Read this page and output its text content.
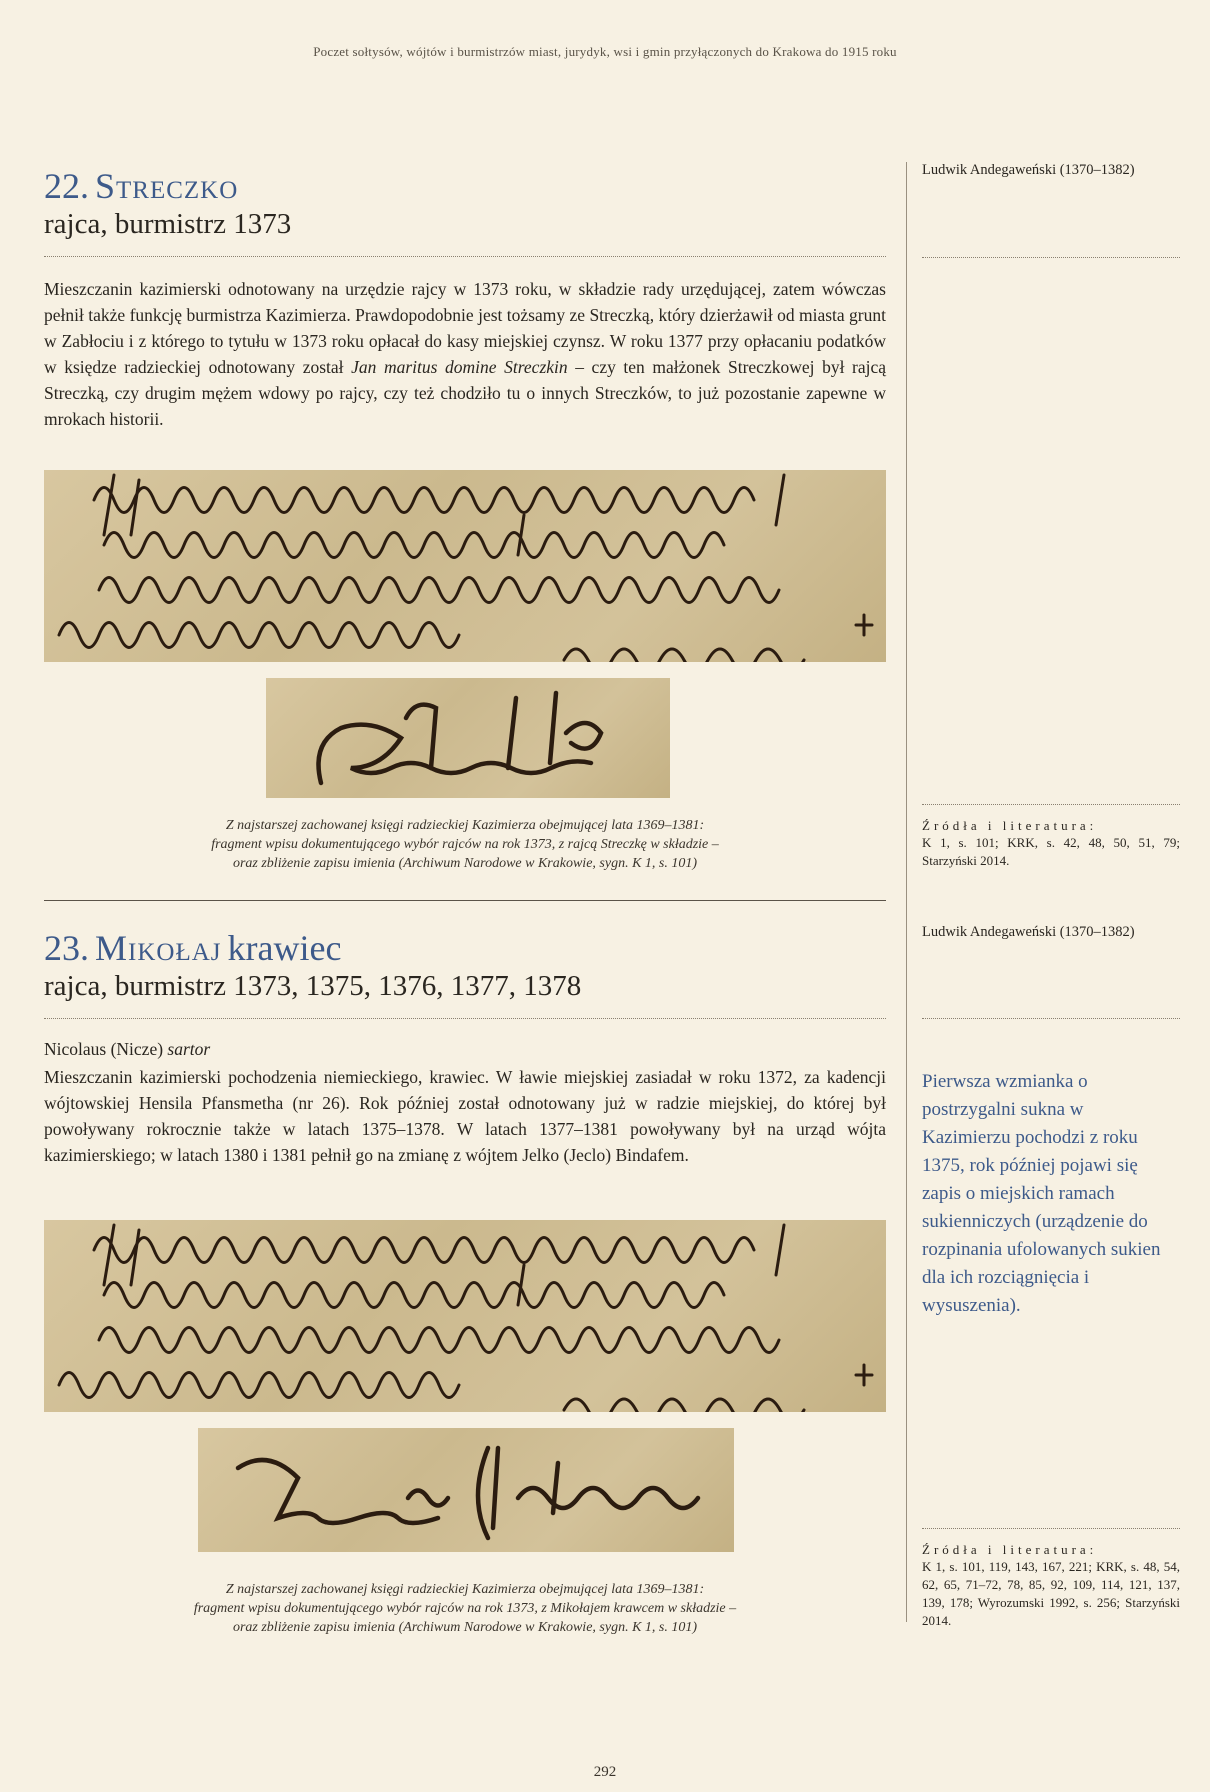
Poczet sołtysów, wójtów i burmistrzów miast, jurydyk, wsi i gmin przyłączonych do Krakowa do 1915 roku
22. Streczko
rajca, burmistrz 1373
Mieszczanin kazimierski odnotowany na urzędzie rajcy w 1373 roku, w składzie rady urzędującej, zatem wówczas pełnił także funkcję burmistrza Kazimierza. Prawdopodobnie jest tożsamy ze Streczką, który dzierżawił od miasta grunt w Zabłociu i z którego to tytułu w 1373 roku opłacał do kasy miejskiej czynsz. W roku 1377 przy opłacaniu podatków w księdze radzieckiej odnotowany został Jan maritus domine Streczkin – czy ten małżonek Streczkowej był rajcą Streczką, czy drugim mężem wdowy po rajcy, czy też chodziło tu o innych Streczków, to już pozostanie zapewne w mrokach historii.
Z najstarszej zachowanej księgi radzieckiej Kazimierza obejmującej lata 1369–1381:
fragment wpisu dokumentującego wybór rajców na rok 1373, z rajcą Streczkę w składzie –
oraz zbliżenie zapisu imienia (Archiwum Narodowe w Krakowie, sygn. K 1, s. 101)
Ludwik Andegaweński (1370–1382)
Źródła i literatura:
K 1, s. 101; KRK, s. 42, 48, 50, 51, 79; Starzyński 2014.
23. Mikołaj krawiec
rajca, burmistrz 1373, 1375, 1376, 1377, 1378
Nicolaus (Nicze) sartor
Mieszczanin kazimierski pochodzenia niemieckiego, krawiec. W ławie miejskiej zasiadał w roku 1372, za kadencji wójtowskiej Hensila Pfansmetha (nr 26). Rok później został odnotowany już w radzie miejskiej, do której był powoływany rokrocznie także w latach 1375–1378. W latach 1377–1381 powoływany był na urząd wójta kazimierskiego; w latach 1380 i 1381 pełnił go na zmianę z wójtem Jelko (Jeclo) Bindafem.
Z najstarszej zachowanej księgi radzieckiej Kazimierza obejmującej lata 1369–1381:
fragment wpisu dokumentującego wybór rajców na rok 1373, z Mikołajem krawcem w składzie –
oraz zbliżenie zapisu imienia (Archiwum Narodowe w Krakowie, sygn. K 1, s. 101)
Ludwik Andegaweński (1370–1382)
Pierwsza wzmianka o postrzygalni sukna w Kazimierzu pochodzi z roku 1375, rok później pojawi się zapis o miejskich ramach sukienniczych (urządzenie do rozpinania ufolowanych sukien dla ich rozciągnięcia i wysuszenia).
Źródła i literatura:
K 1, s. 101, 119, 143, 167, 221; KRK, s. 48, 54, 62, 65, 71–72, 78, 85, 92, 109, 114, 121, 137, 139, 178; Wyrozumski 1992, s. 256; Starzyński 2014.
292
